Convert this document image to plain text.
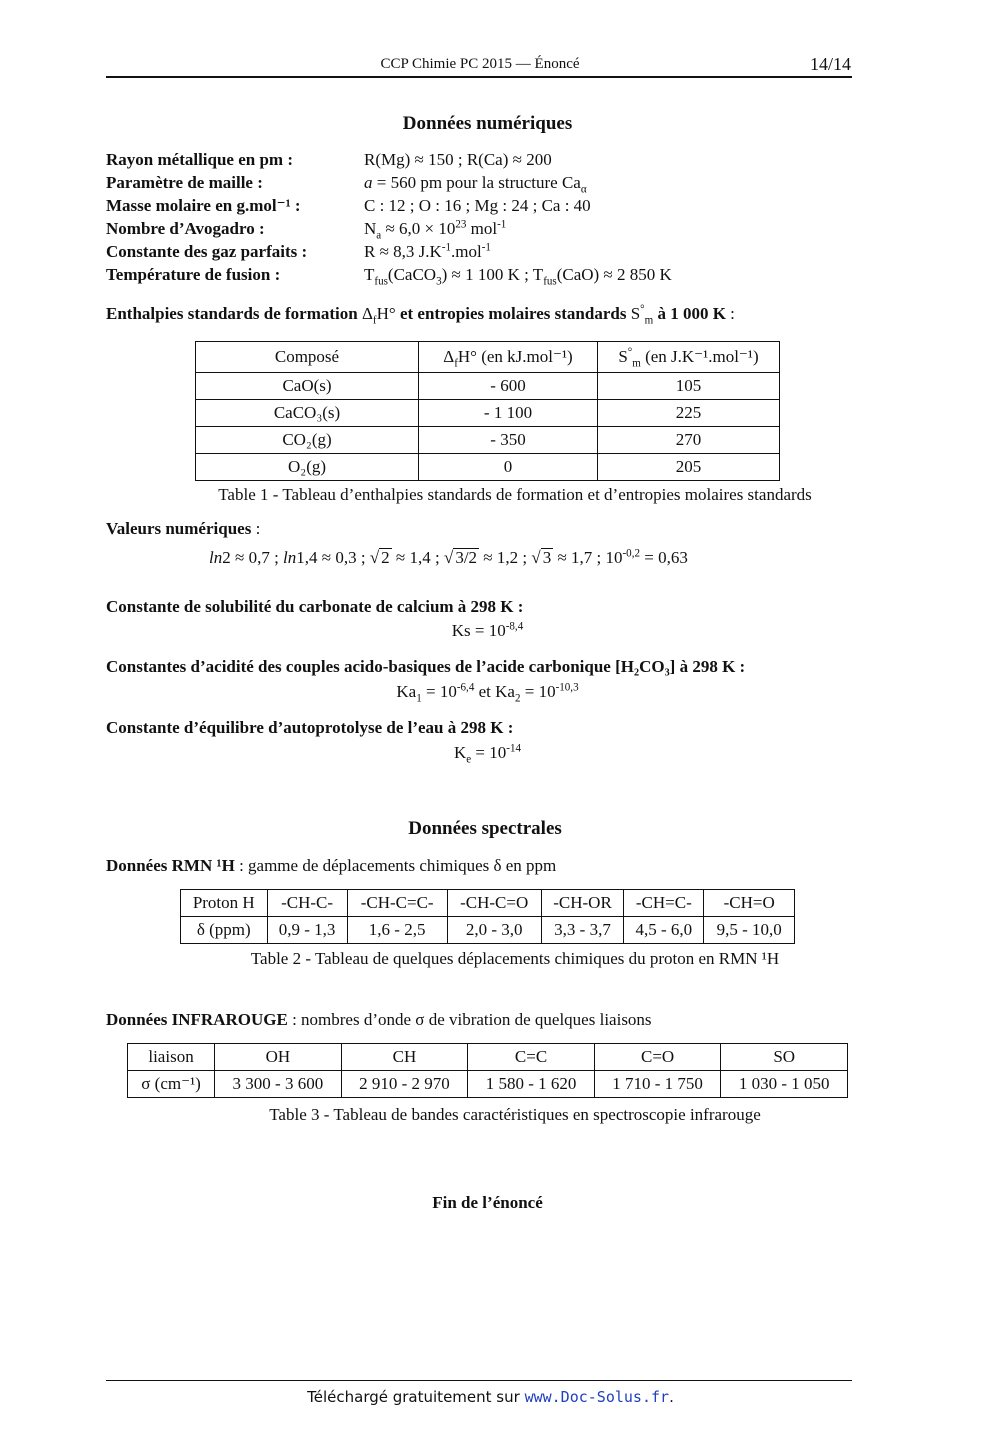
CCP Chimie PC 2015 — Énoncé	14/14
Données numériques
Rayon métallique en pm :	R(Mg) ≈ 150 ; R(Ca) ≈ 200
Paramètre de maille :	a = 560 pm pour la structure $Ca_\alpha$
Masse molaire en g.mol⁻¹ :	C : 12 ; O : 16 ; Mg : 24 ; Ca : 40
Nombre d’Avogadro :	$N_a \approx 6,0 \times 10^{23}$ mol$^{-1}$
Constante des gaz parfaits :	R ≈ 8,3 $J.K^{-1}.mol^{-1}$
Température de fusion :	$T_{fus}(CaCO_3) \approx 1$ 100 K ; $T_{fus}(CaO) \approx 2$ 850 K
Enthalpies standards de formation $\Delta_fH^\circ$ et entropies molaires standards $S^\circ_m$ à 1 000 K :
Composé	$\Delta_fH^\circ$ (en kJ.mol⁻¹)	$S^\circ_m$ (en J.K⁻¹.mol⁻¹)
CaO(s)	- 600	105
CaCO₃(s)	- 1 100	225
CO₂(g)	- 350	270
O₂(g)	0	205
Table 1 - Tableau d’enthalpies standards de formation et d’entropies molaires standards
Valeurs numériques :
ln2 ≈ 0,7 ; ln1,4 ≈ 0,3 ; √ 2 ≈ 1,4 ; √ 3/2 ≈ 1,2 ; √ 3 ≈ 1,7 ; $10^{-0,2} = 0,63$
Constante de solubilité du carbonate de calcium à 298 K :
$Ks = 10^{-8,4}$
Constantes d’acidité des couples acido-basiques de l’acide carbonique [H₂CO₃] à 298 K :
$Ka_1 = 10^{-6,4}$ et $Ka_2 = 10^{-10,3}$
Constante d’équilibre d’autoprotolyse de l’eau à 298 K :
$K_e = 10^{-14}$
Données spectrales
Données RMN ¹H : gamme de déplacements chimiques δ en ppm
Proton H	-CH-C-	-CH-C=C-	-CH-C=O	-CH-OR	-CH=C-	-CH=O
δ (ppm)	0,9 - 1,3	1,6 - 2,5	2,0 - 3,0	3,3 - 3,7	4,5 - 6,0	9,5 - 10,0
Table 2 - Tableau de quelques déplacements chimiques du proton en RMN ¹H
Données INFRAROUGE : nombres d’onde σ de vibration de quelques liaisons
liaison	OH	CH	C=C	C=O	SO
σ (cm⁻¹)	3 300 - 3 600	2 910 - 2 970	1 580 - 1 620	1 710 - 1 750	1 030 - 1 050
Table 3 - Tableau de bandes caractéristiques en spectroscopie infrarouge
Fin de l’énoncé
Téléchargé gratuitement sur www.Doc-Solus.fr.
